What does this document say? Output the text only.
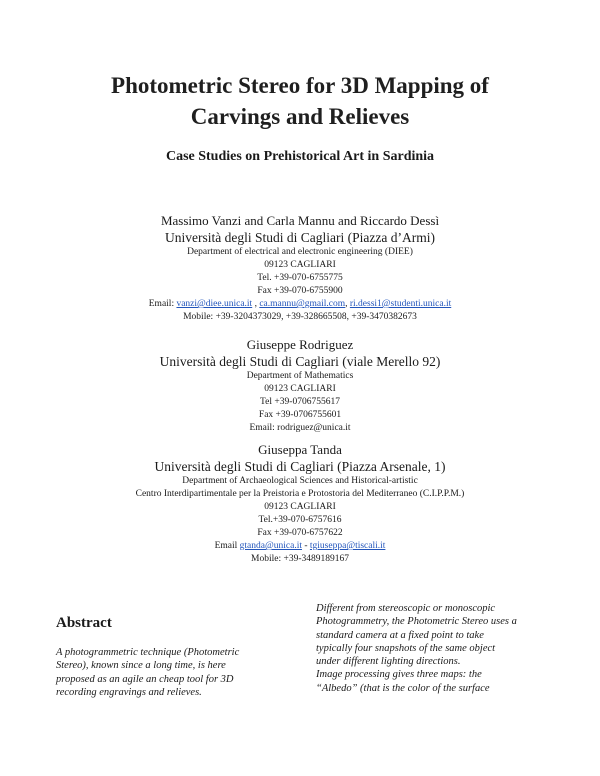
Photometric Stereo for 3D Mapping of
Carvings and Relieves
Case Studies on Prehistorical Art in Sardinia
Massimo Vanzi and Carla Mannu and Riccardo Dessì
Università degli Studi di Cagliari (Piazza d’Armi)
Department of electrical and electronic engineering (DIEE)
09123 CAGLIARI
Tel. +39-070-6755775
Fax +39-070-6755900
Email: vanzi@diee.unica.it , ca.mannu@gmail.com, ri.dessi1@studenti.unica.it
Mobile: +39-3204373029, +39-328665508, +39-3470382673
Giuseppe Rodriguez
Università degli Studi di Cagliari (viale Merello 92)
Department of Mathematics
09123 CAGLIARI
Tel +39-0706755617
Fax +39-0706755601
Email: rodriguez@unica.it
Giuseppa Tanda
Università degli Studi di Cagliari (Piazza Arsenale, 1)
Department of Archaeological Sciences and Historical-artistic
Centro Interdipartimentale per la Preistoria e Protostoria del Mediterraneo (C.I.P.P.M.)
09123 CAGLIARI
Tel.+39-070-6757616
Fax +39-070-6757622
Email gtanda@unica.it - tgiuseppa@tiscali.it
Mobile: +39-3489189167
Abstract
A photogrammetric technique (Photometric
Stereo), known since a long time, is here
proposed as an agile an cheap tool for 3D
recording engravings and relieves.
Different from stereoscopic or monoscopic
Photogrammetry, the Photometric Stereo uses a
standard camera at a fixed point to take
typically four snapshots of the same object
under different lighting directions.
Image processing gives three maps: the
“Albedo” (that is the color of the surface
